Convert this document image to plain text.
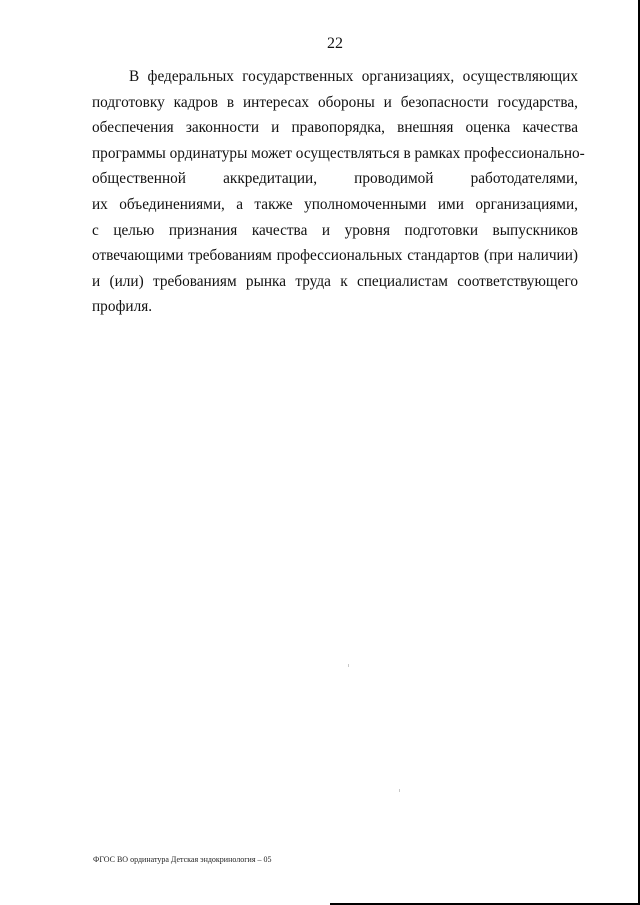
22
В федеральных государственных организациях, осуществляющих
подготовку кадров в интересах обороны и безопасности государства,
обеспечения законности и правопорядка, внешняя оценка качества
программы ординатуры может осуществляться в рамках профессионально-
общественной аккредитации, проводимой работодателями,
их объединениями, а также уполномоченными ими организациями,
с целью признания качества и уровня подготовки выпускников
отвечающими требованиям профессиональных стандартов (при наличии)
и (или) требованиям рынка труда к специалистам соответствующего
профиля.
ФГОС ВО ординатура Детская эндокринология – 05
